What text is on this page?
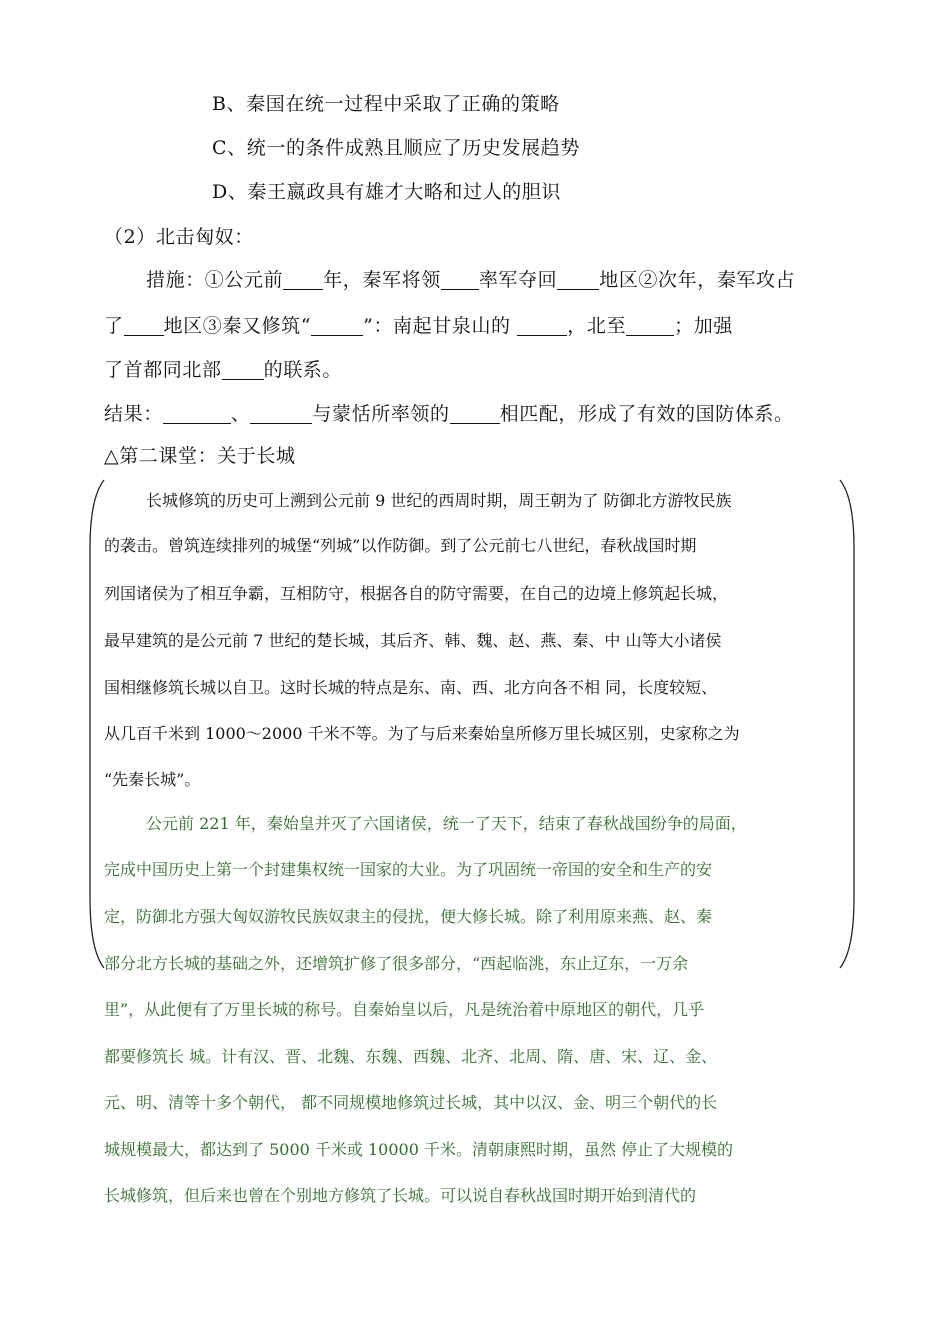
B、秦国在统一过程中采取了正确的策略
C、统一的条件成熟且顺应了历史发展趋势
D、秦王嬴政具有雄才大略和过人的胆识
（2）北击匈奴：
措施：①公元前 年，秦军将领 率军夺回 地区②次年，秦军攻占
了 地区③秦又修筑“	”：南起甘泉山的	，北至	；加强
了首都同北部 的联系。
结果：	、	与蒙恬所率领的	相匹配，形成了有效的国防体系。
△第二课堂：关于长城
长城修筑的历史可上溯到公元前 9 世纪的西周时期，周王朝为了 防御北方游牧民族
的袭击。曾筑连续排列的城堡“列城”以作防御。到了公元前七八世纪，春秋战国时期
列国诸侯为了相互争霸，互相防守，根据各自的防守需要，在自己的边境上修筑起长城，
最早建筑的是公元前 7 世纪的楚长城，其后齐、韩、魏、赵、燕、秦、中 山等大小诸侯
国相继修筑长城以自卫。这时长城的特点是东、南、西、北方向各不相 同，长度较短、
从几百千米到 1000～2000 千米不等。为了与后来秦始皇所修万里长城区别，史家称之为
“先秦长城”。
公元前 221 年，秦始皇并灭了六国诸侯，统一了天下，结束了春秋战国纷争的局面，
完成中国历史上第一个封建集权统一国家的大业。为了巩固统一帝国的安全和生产的安
定，防御北方强大匈奴游牧民族奴隶主的侵扰，便大修长城。除了利用原来燕、赵、秦
部分北方长城的基础之外，还增筑扩修了很多部分，“西起临洮，东止辽东，一万余
里”，从此便有了万里长城的称号。自秦始皇以后，凡是统治着中原地区的朝代，几乎
都要修筑长 城。计有汉、晋、北魏、东魏、西魏、北齐、北周、隋、唐、宋、辽、金、
元、明、清等十多个朝代， 都不同规模地修筑过长城，其中以汉、金、明三个朝代的长
城规模最大，都达到了 5000 千米或 10000 千米。清朝康熙时期，虽然 停止了大规模的
长城修筑，但后来也曾在个别地方修筑了长城。可以说自春秋战国时期开始到清代的
